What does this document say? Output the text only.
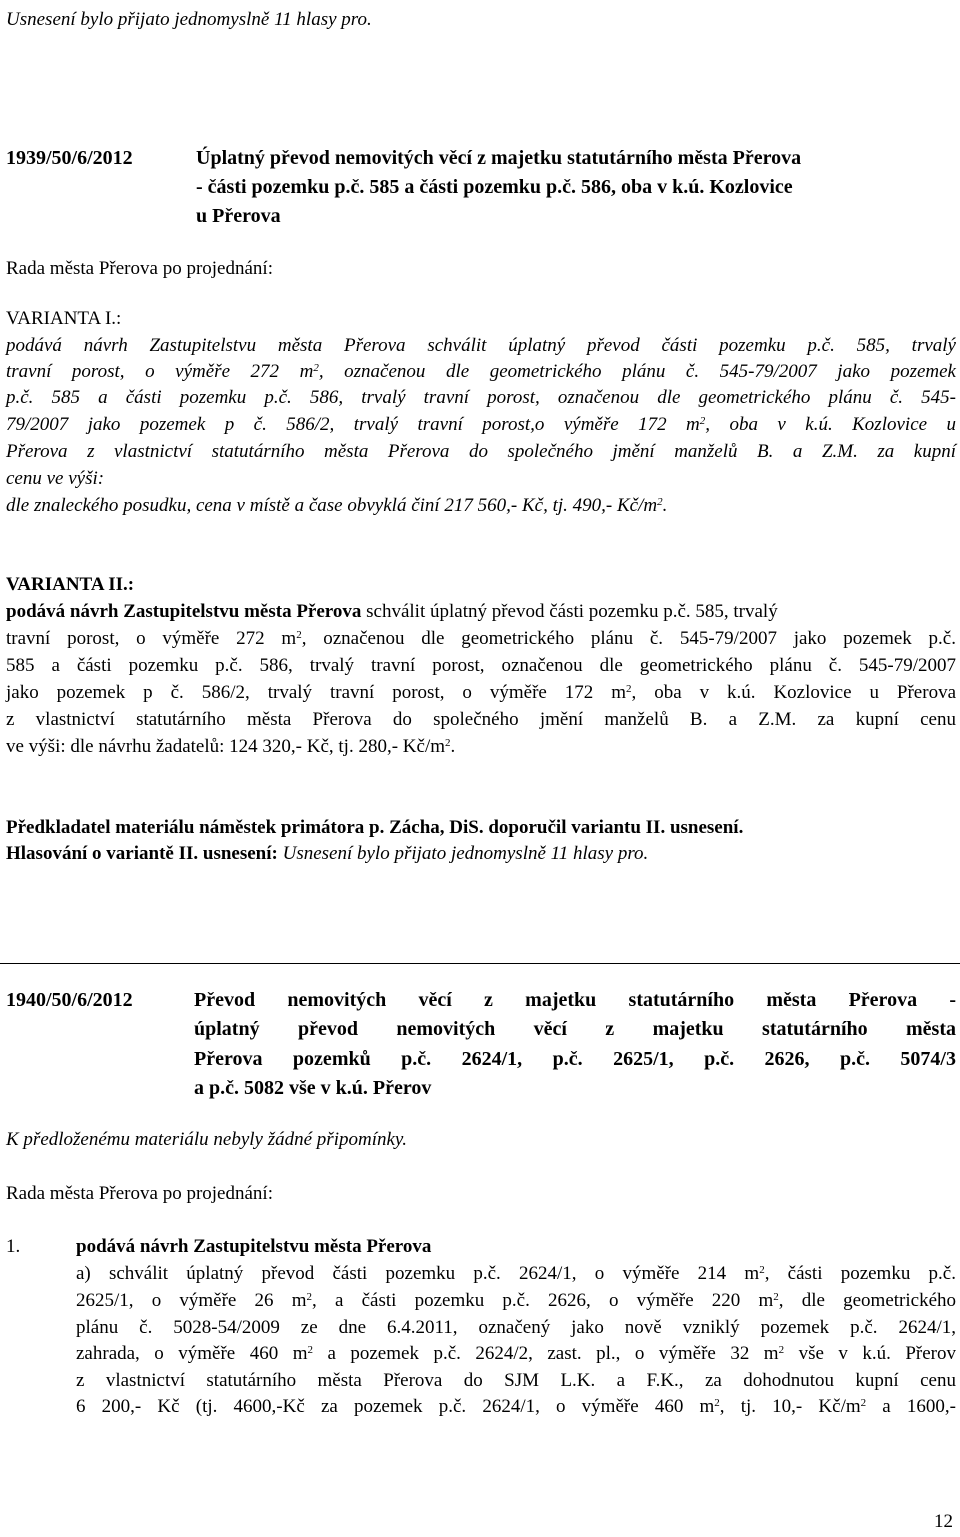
Usnesení bylo přijato jednomyslně 11 hlasy pro.
1939/50/6/2012	Úplatný převod nemovitých věcí z majetku statutárního města Přerova
- části pozemku p.č. 585 a části pozemku p.č. 586, oba v k.ú. Kozlovice
u Přerova
Rada města Přerova po projednání:
VARIANTA I.:
podává návrh Zastupitelstvu města Přerova schválit úplatný převod části pozemku p.č. 585, trvalý
travní porost, o výměře 272 $m^2$, označenou dle geometrického plánu č. 545-79/2007 jako pozemek
p.č. 585 a části pozemku p.č. 586, trvalý travní porost, označenou dle geometrického plánu č. 545-
79/2007 jako pozemek p č. 586/2, trvalý travní porost,o výměře 172 $m^2$, oba v k.ú. Kozlovice u
Přerova z vlastnictví statutárního města Přerova do společného jmění manželů B. a Z.M. za kupní
cenu ve výši:
dle znaleckého posudku, cena v místě a čase obvyklá činí 217 560,- Kč, tj. 490,- $Kč/m^2$.
VARIANTA II.:
podává návrh Zastupitelstvu města Přerova schválit úplatný převod části pozemku p.č. 585, trvalý
travní porost, o výměře 272 $m^2$, označenou dle geometrického plánu č. 545-79/2007 jako pozemek p.č.
585 a části pozemku p.č. 586, trvalý travní porost, označenou dle geometrického plánu č. 545-79/2007
jako pozemek p č. 586/2, trvalý travní porost, o výměře 172 $m^2$, oba v k.ú. Kozlovice u Přerova
z vlastnictví statutárního města Přerova do společného jmění manželů B. a Z.M. za kupní cenu
ve výši: dle návrhu žadatelů: 124 320,- Kč, tj. 280,- $Kč/m^2$.
Předkladatel materiálu náměstek primátora p. Zácha, DiS. doporučil variantu II. usnesení.
Hlasování o variantě II. usnesení: Usnesení bylo přijato jednomyslně 11 hlasy pro.
1940/50/6/2012	Převod nemovitých věcí z majetku statutárního města Přerova -
úplatný převod nemovitých věcí z majetku statutárního města
Přerova pozemků p.č. 2624/1, p.č. 2625/1, p.č. 2626, p.č. 5074/3
a p.č. 5082 vše v k.ú. Přerov
K předloženému materiálu nebyly žádné připomínky.
Rada města Přerova po projednání:
1.	podává návrh Zastupitelstvu města Přerova
a) schválit úplatný převod části pozemku p.č. 2624/1, o výměře 214 $m^2$, části pozemku p.č.
2625/1, o výměře 26 $m^2$, a části pozemku p.č. 2626, o výměře 220 $m^2$, dle geometrického
plánu č. 5028-54/2009 ze dne 6.4.2011, označený jako nově vzniklý pozemek p.č. 2624/1,
zahrada, o výměře 460 $m^2$ a pozemek p.č. 2624/2, zast. pl., o výměře 32 $m^2$ vše v k.ú. Přerov
z vlastnictví statutárního města Přerova do SJM L.K. a F.K., za dohodnutou kupní cenu
6 200,- Kč (tj. 4600,-Kč za pozemek p.č. 2624/1, o výměře 460 $m^2$, tj. 10,- $Kč/m^2$ a 1600,-
12
